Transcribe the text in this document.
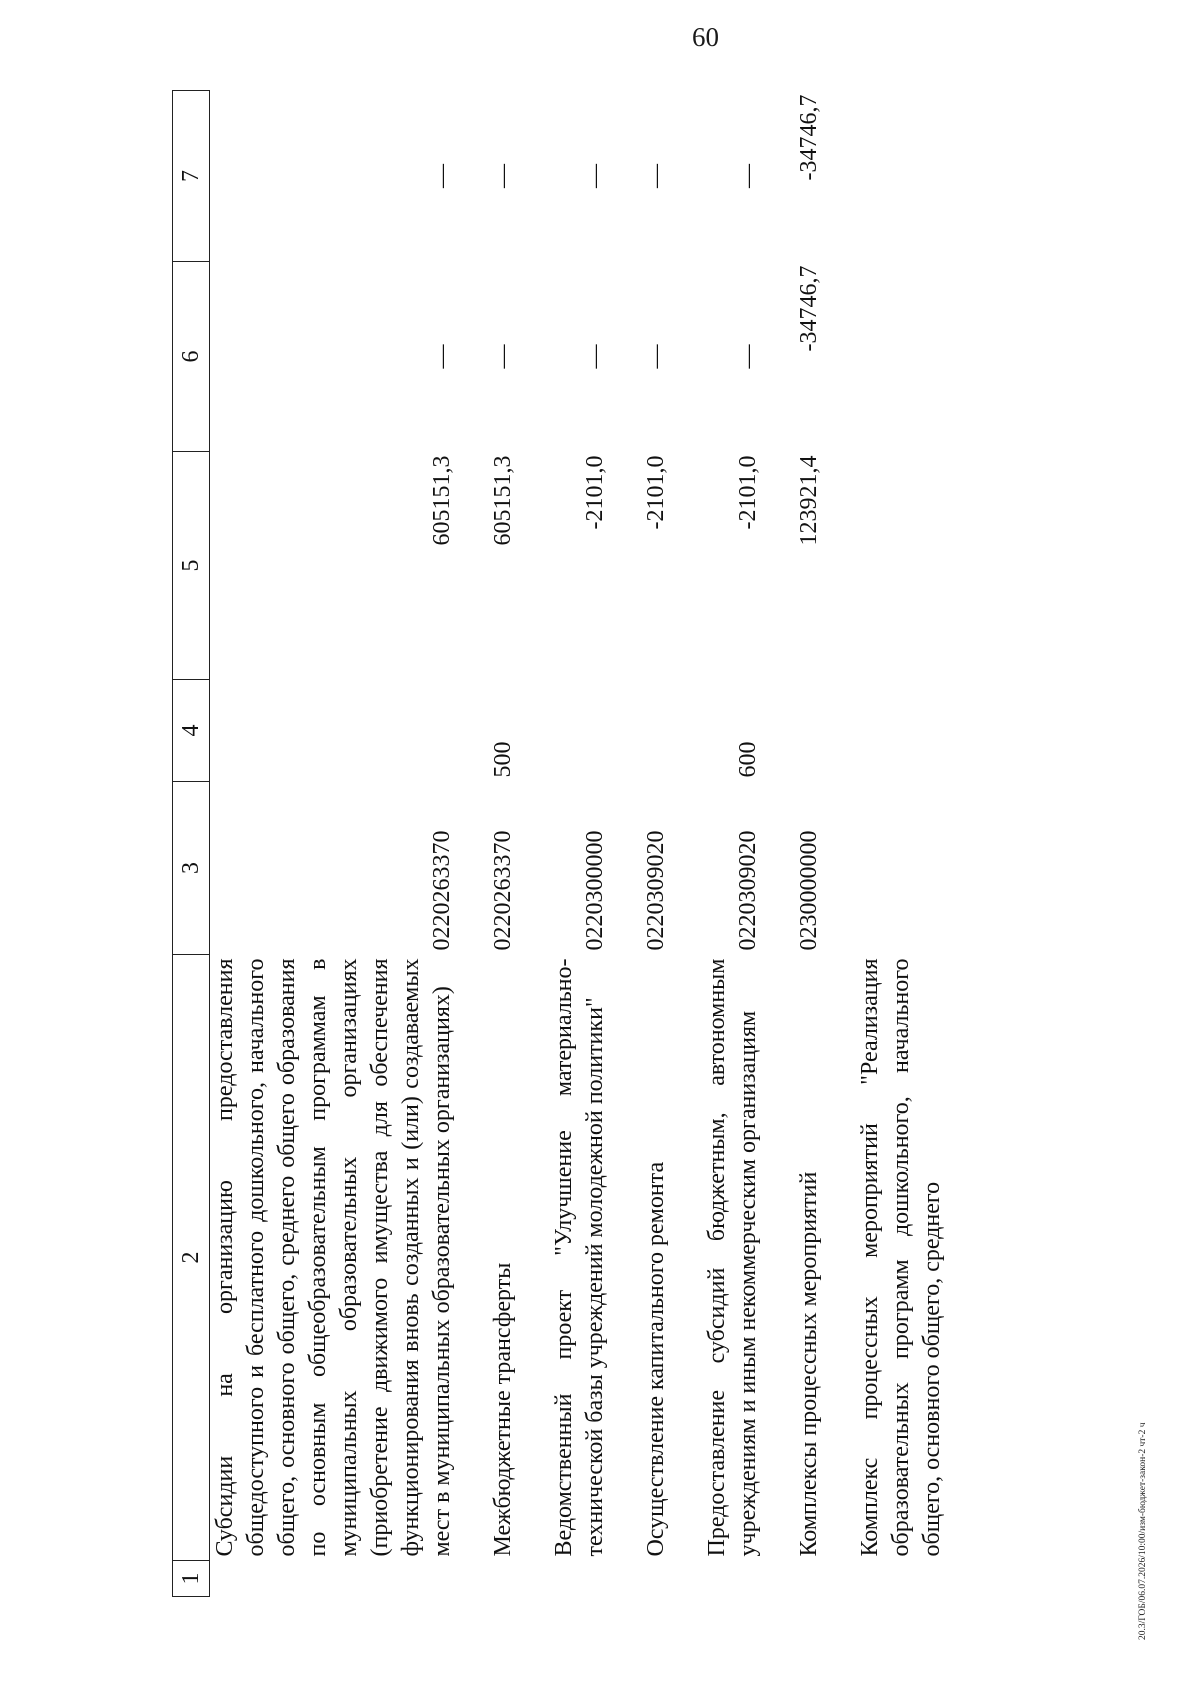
60
1	2	3	4	5	6	7
	Субсидии на организацию предоставления общедоступного и бесплатного дошкольного, начального общего, основного общего, среднего общего образования по основным общеобразовательным программам в муниципальных образовательных организациях (приобретение движимого имущества для обеспечения функционирования вновь созданных и (или) создаваемых мест в муниципальных образовательных организациях)	0220263370		605151,3	—	—

	Межбюджетные трансферты	0220263370	500	605151,3	—	—

	Ведомственный проект "Улучшение материально-технической базы учреждений молодежной политики"	0220300000		-2101,0	—	—

	Осуществление капитального ремонта	0220309020		-2101,0	—	—

	Предоставление субсидий бюджетным, автономным учреждениям и иным некоммерческим организациям	0220309020	600	-2101,0	—	—

	Комплексы процессных мероприятий	0230000000		123921,4	-34746,7	-34746,7

	Комплекс процессных мероприятий "Реализация образовательных программ дошкольного, начального общего, основного общего, среднего						20.3/ГОБ/06.07.2026/10:00/изм-бюджет-закон-2 чт-2 ч
